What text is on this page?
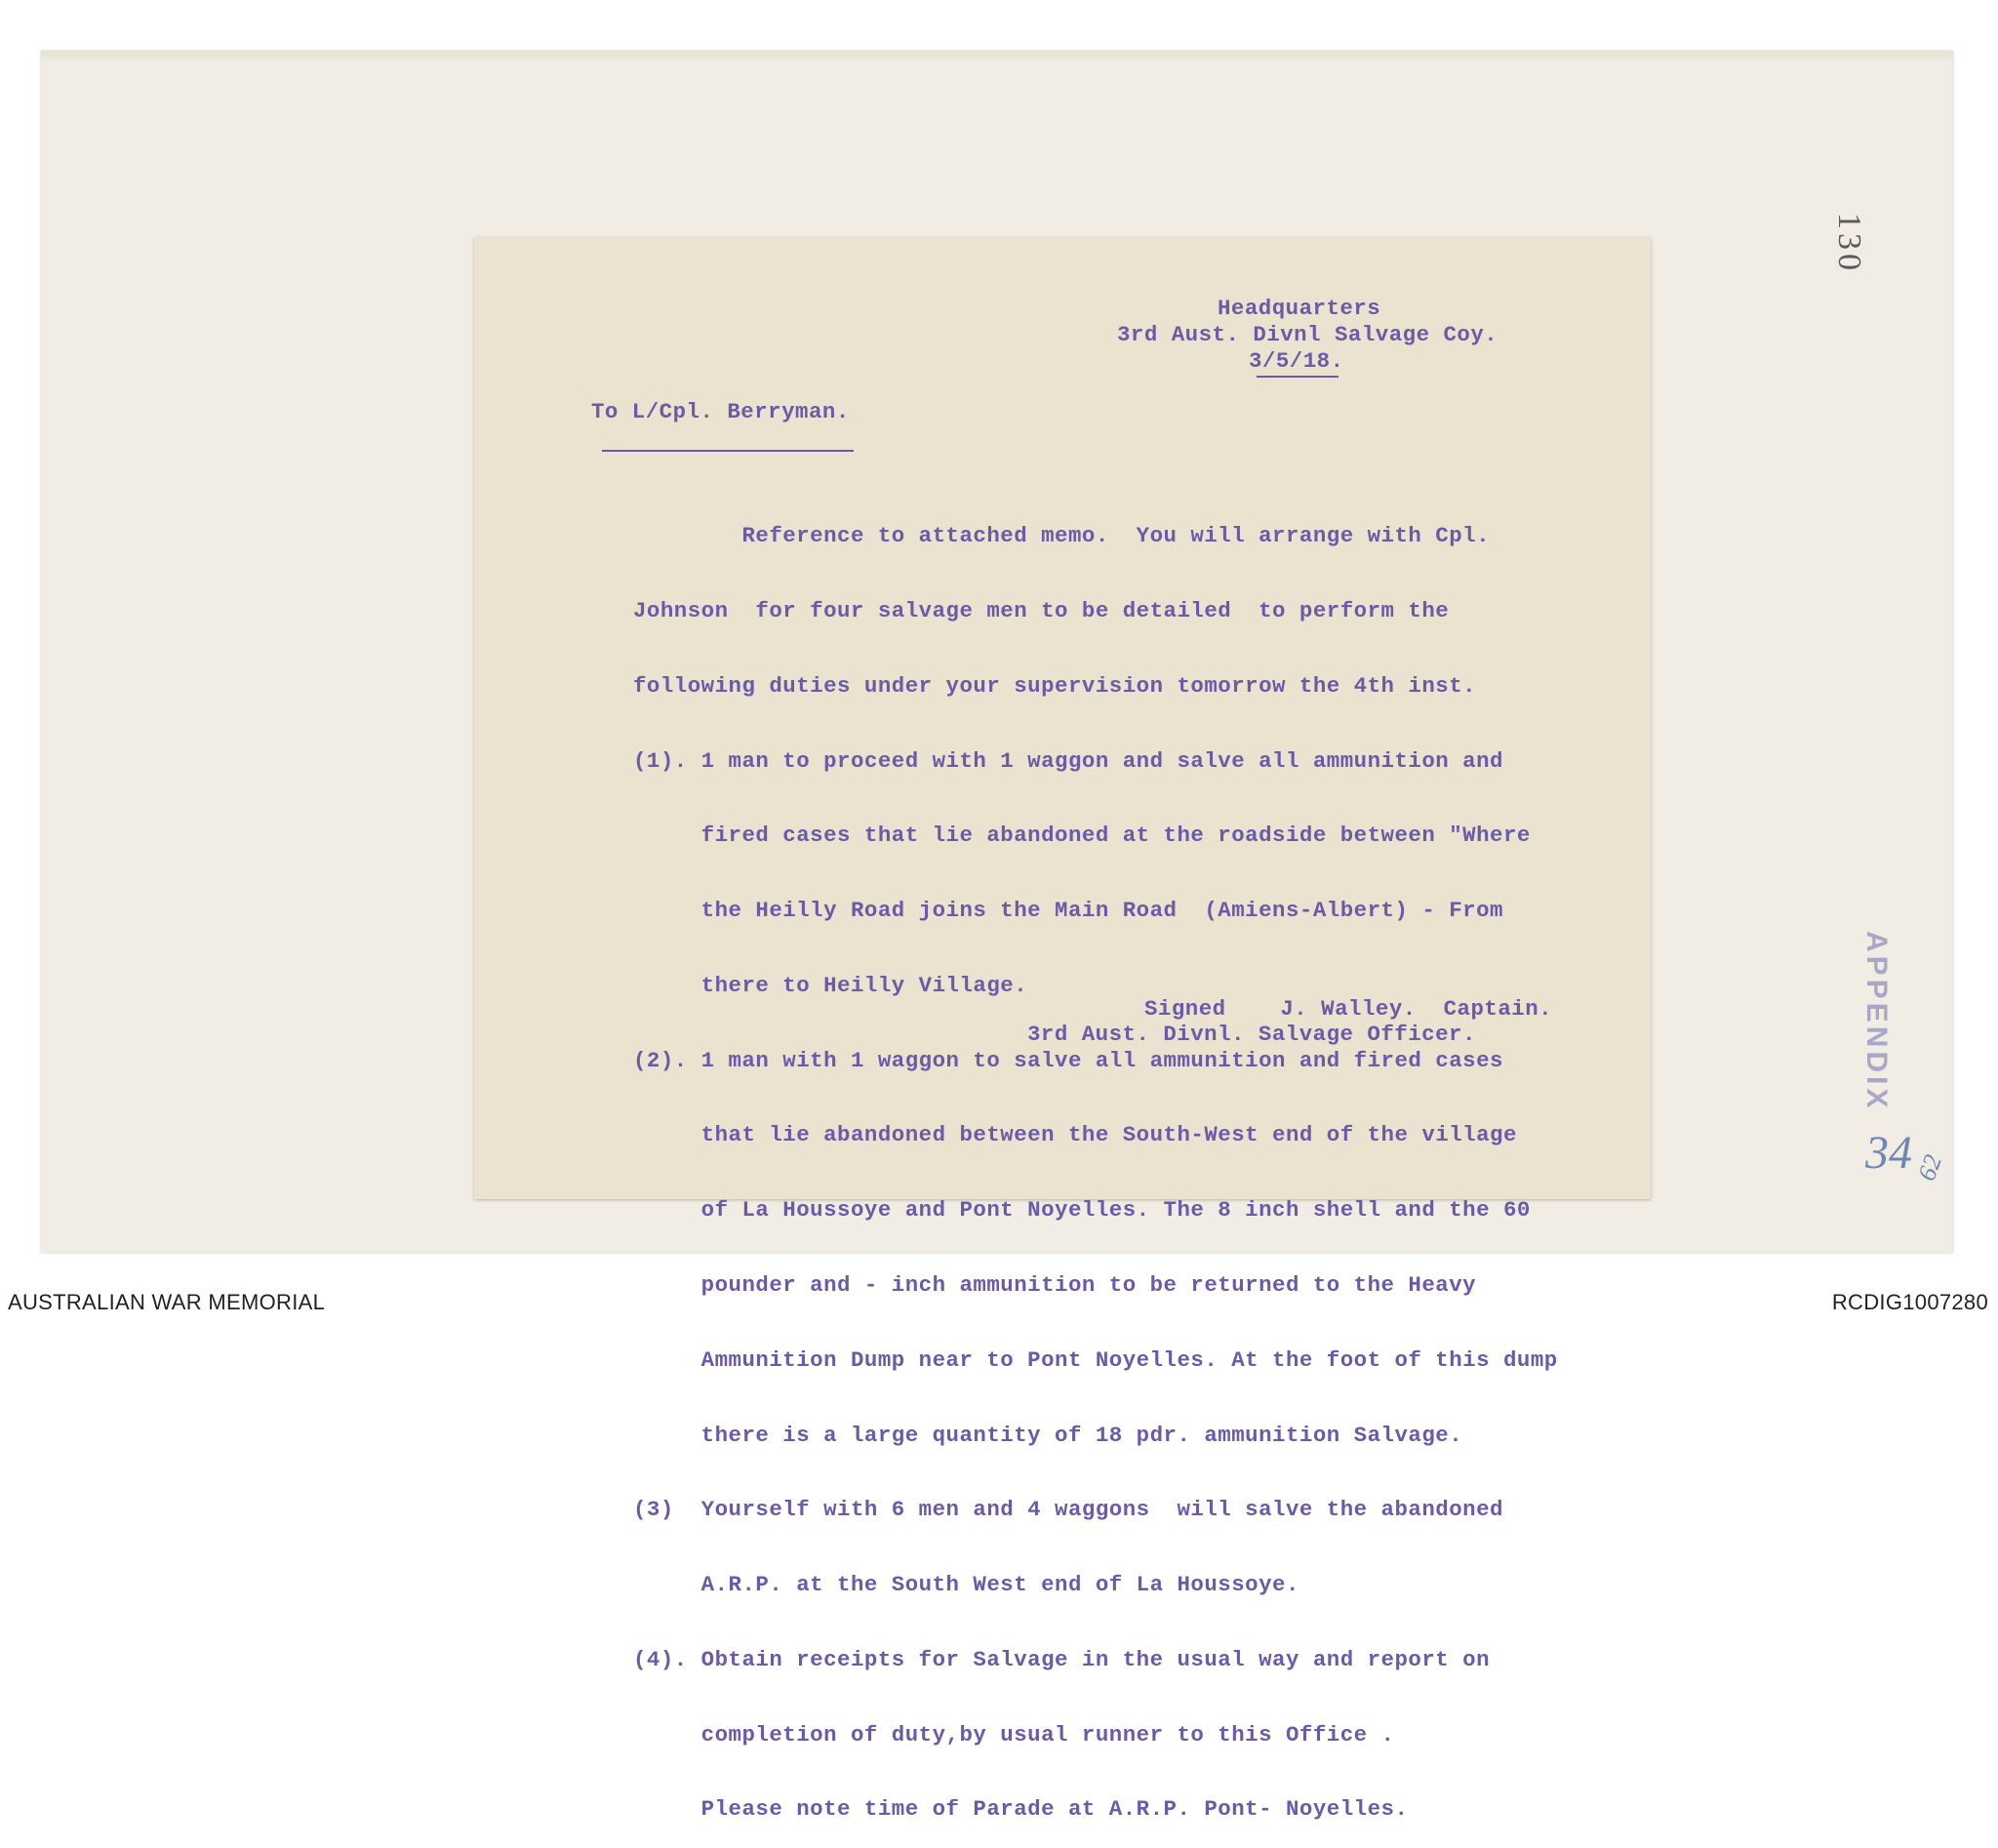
130
APPENDIX
34 62

Headquarters

3rd Aust. Divnl Salvage Coy.

3/5/18.

To L/Cpl. Berryman.

Reference to attached memo.  You will arrange with Cpl.

Johnson  for four salvage men to be detailed  to perform the

following duties under your supervision tomorrow the 4th inst.

(1). 1 man to proceed with 1 waggon and salve all ammunition and

fired cases that lie abandoned at the roadside between "Where

the Heilly Road joins the Main Road  (Amiens-Albert) - From

there to Heilly Village.

(2). 1 man with 1 waggon to salve all ammunition and fired cases

that lie abandoned between the South-West end of the village

of La Houssoye and Pont Noyelles. The 8 inch shell and the 60

pounder and - inch ammunition to be returned to the Heavy

Ammunition Dump near to Pont Noyelles. At the foot of this dump

there is a large quantity of 18 pdr. ammunition Salvage.

(3)  Yourself with 6 men and 4 waggons  will salve the abandoned

A.R.P. at the South West end of La Houssoye.

(4). Obtain receipts for Salvage in the usual way and report on

completion of duty,by usual runner to this Office .

Please note time of Parade at A.R.P. Pont- Noyelles.

Signed    J. Walley.  Captain.
3rd Aust. Divnl. Salvage Officer.
AUSTRALIAN WAR MEMORIAL	RCDIG1007280
